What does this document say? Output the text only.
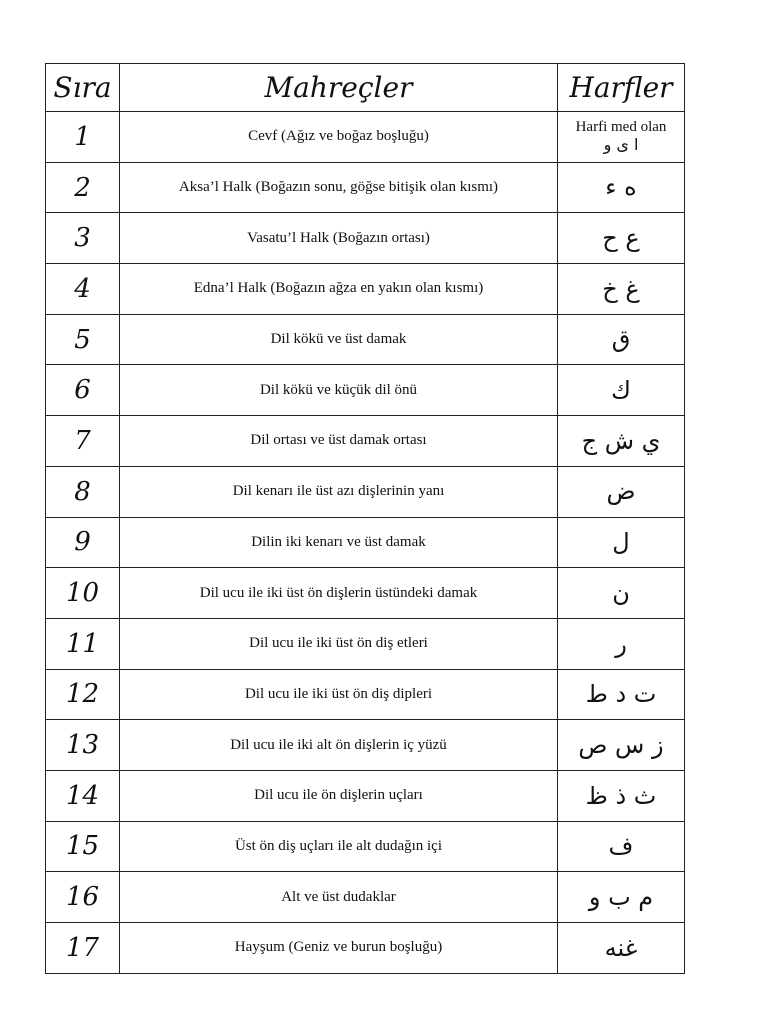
Sıra	Mahreçler	Harfler
1	Cevf (Ağız ve boğaz boşluğu)	Harfi med olan
ا ى و
2	Aksa’l Halk (Boğazın sonu, göğse bitişik olan kısmı)	ه ء
3	Vasatu’l Halk (Boğazın ortası)	ع ح
4	Edna’l Halk (Boğazın ağza en yakın olan kısmı)	غ خ
5	Dil kökü ve üst damak	ق
6	Dil kökü ve küçük dil önü	ك
7	Dil ortası ve üst damak ortası	ي ش ج
8	Dil kenarı ile üst azı dişlerinin yanı	ض
9	Dilin iki kenarı ve üst damak	ل
10	Dil ucu ile iki üst ön dişlerin üstündeki damak	ن
11	Dil ucu ile iki üst ön diş etleri	ر
12	Dil ucu ile iki üst ön diş dipleri	ت د ط
13	Dil ucu ile iki alt ön dişlerin iç yüzü	ز س ص
14	Dil ucu ile ön dişlerin uçları	ث ذ ظ
15	Üst ön diş uçları ile alt dudağın içi	ف
16	Alt ve üst dudaklar	م ب و
17	Hayşum (Geniz ve burun boşluğu)	غنه
